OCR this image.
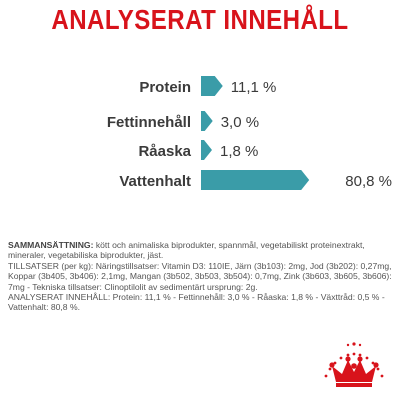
ANALYSERAT INNEHÅLL
Protein	11,1 %
Fettinnehåll 3,0 %
Råaska 1,8 %
Vattenhalt	80,8 %

SAMMANSÄTTNING: kött och animaliska biprodukter, spannmål, vegetabiliskt proteinextrakt, mineraler, vegetabiliska biprodukter, jäst.

TILLSATSER (per kg): Näringstillsatser: Vitamin D3: 110IE, Järn (3b103): 2mg, Jod (3b202): 0,27mg, Koppar (3b405, 3b406): 2,1mg, Mangan (3b502, 3b503, 3b504): 0,7mg, Zink (3b603, 3b605, 3b606): 7mg - Tekniska tillsatser: Clinoptilolit av sedimentärt ursprung: 2g.

ANALYSERAT INNEHÅLL: Protein: 11,1 % - Fettinnehåll: 3,0 % - Råaska: 1,8 % - Växttråd: 0,5 % - Vattenhalt: 80,8 %.
